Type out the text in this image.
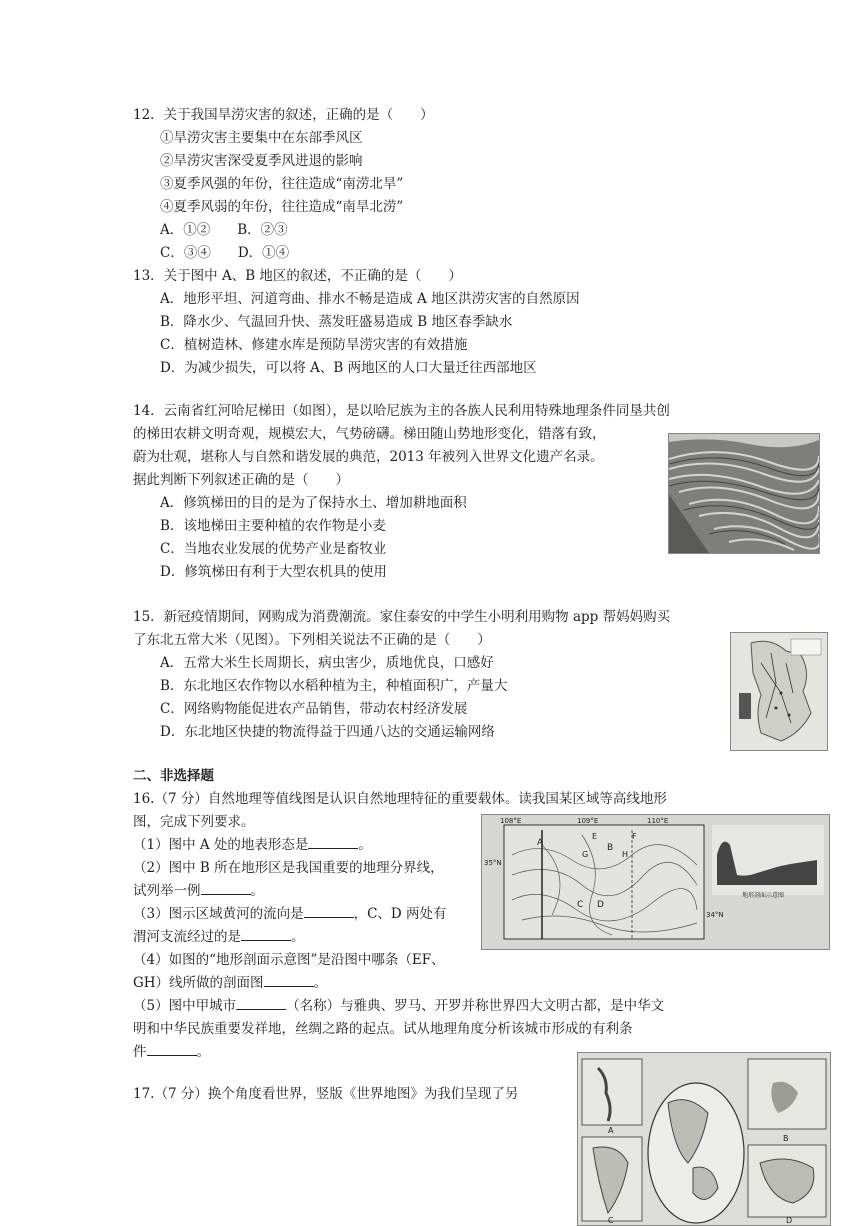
12．关于我国旱涝灾害的叙述，正确的是（　　）
①旱涝灾害主要集中在东部季风区
②旱涝灾害深受夏季风进退的影响
③夏季风强的年份，往往造成“南涝北旱”
④夏季风弱的年份，往往造成“南旱北涝”
A．①②　　B．②③
C．③④　　D．①④
13．关于图中 A、B 地区的叙述，不正确的是（　　）
A．地形平坦、河道弯曲、排水不畅是造成 A 地区洪涝灾害的自然原因
B．降水少、气温回升快、蒸发旺盛易造成 B 地区春季缺水
C．植树造林、修建水库是预防旱涝灾害的有效措施
D．为减少损失，可以将 A、B 两地区的人口大量迁往西部地区
14．云南省红河哈尼梯田（如图），是以哈尼族为主的各族人民利用特殊地理条件同垦共创
的梯田农耕文明奇观，规模宏大，气势磅礴。梯田随山势地形变化，错落有致，
蔚为壮观，堪称人与自然和谐发展的典范，2013 年被列入世界文化遗产名录。
据此判断下列叙述正确的是（　　）
A．修筑梯田的目的是为了保持水土、增加耕地面积
B．该地梯田主要种植的农作物是小麦
C．当地农业发展的优势产业是畜牧业
D．修筑梯田有利于大型农机具的使用
15．新冠疫情期间，网购成为消费潮流。家住泰安的中学生小明利用购物 app 帮妈妈购买
了东北五常大米（见图）。下列相关说法不正确的是（　　）
A．五常大米生长周期长，病虫害少，质地优良，口感好
B．东北地区农作物以水稻种植为主，种植面积广，产量大
C．网络购物能促进农产品销售，带动农村经济发展
D．东北地区快捷的物流得益于四通八达的交通运输网络
二、非选择题
16.（7 分）自然地理等值线图是认识自然地理特征的重要载体。读我国某区域等高线地形
图，完成下列要求。
（1）图中 A 处的地表形态是	。
（2）图中 B 所在地形区是我国重要的地理分界线，
试列举一例	。
（3）图示区域黄河的流向是	，C、D 两处有
渭河支流经过的是	。
（4）如图的“地形剖面示意图”是沿图中哪条（EF、
GH）线所做的剖面图	。
（5）图中甲城市	（名称）与雅典、罗马、开罗并称世界四大文明古都，是中华文
明和中华民族重要发祥地，丝绸之路的起点。试从地理角度分析该城市形成的有利条
件	。
108°E	109°E	110°E
35°N
34°N
A	B
C D
E	F
G	H
地形剖面示意图
17.（7 分）换个角度看世界，竖版《世界地图》为我们呈现了另
A
C
B
D
